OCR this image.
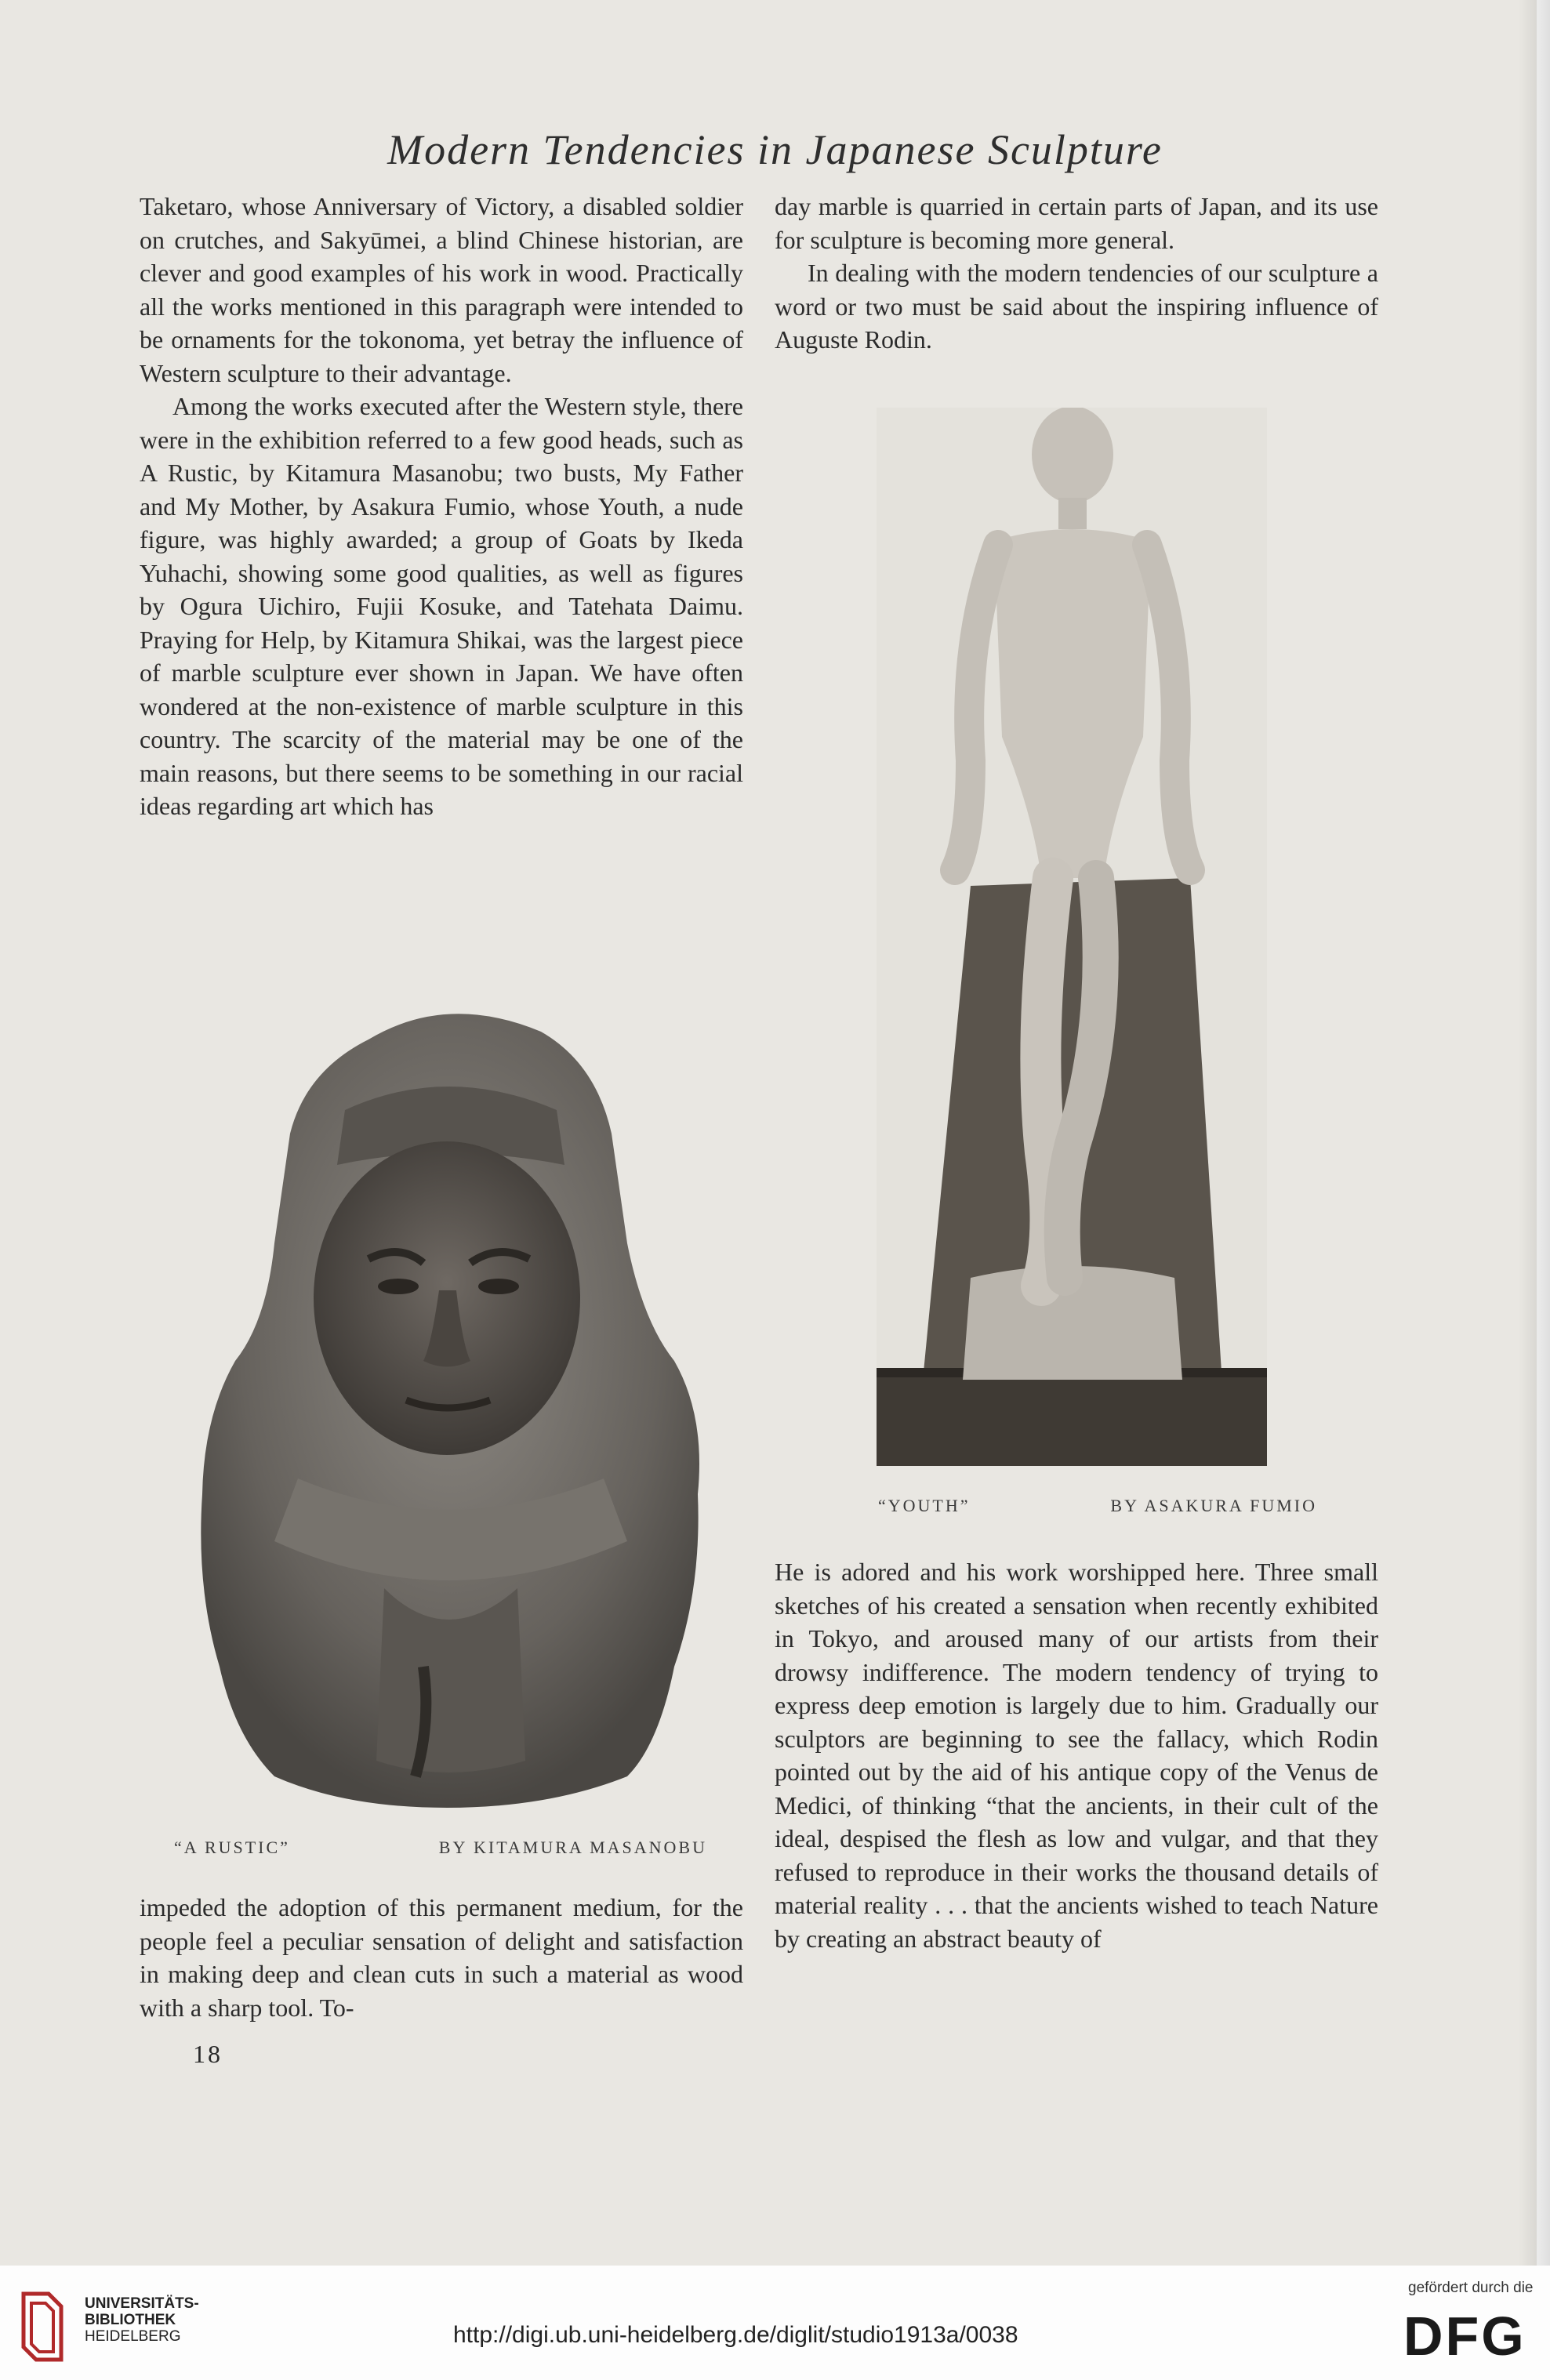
Modern Tendencies in Japanese Sculpture

Taketaro, whose Anniversary of Victory, a disabled soldier on crutches, and Sakyūmei, a blind Chinese historian, are clever and good examples of his work in wood. Practically all the works mentioned in this paragraph were intended to be ornaments for the tokonoma, yet betray the influence of Western sculpture to their advantage.

Among the works executed after the Western style, there were in the exhibition referred to a few good heads, such as A Rustic, by Kitamura Masanobu; two busts, My Father and My Mother, by Asakura Fumio, whose Youth, a nude figure, was highly awarded; a group of Goats by Ikeda Yuhachi, showing some good qualities, as well as figures by Ogura Uichiro, Fujii Kosuke, and Tatehata Daimu. Praying for Help, by Kitamura Shikai, was the largest piece of marble sculpture ever shown in Japan. We have often wondered at the non-existence of marble sculpture in this country. The scarcity of the material may be one of the main reasons, but there seems to be something in our racial ideas regarding art which has

day marble is quarried in certain parts of Japan, and its use for sculpture is becoming more general.

In dealing with the modern tendencies of our sculpture a word or two must be said about the inspiring influence of Auguste Rodin.

“A RUSTIC”	BY KITAMURA MASANOBU
“YOUTH”	BY ASAKURA FUMIO

He is adored and his work worshipped here. Three small sketches of his created a sensation when recently exhibited in Tokyo, and aroused many of our artists from their drowsy indifference. The modern tendency of trying to express deep emotion is largely due to him. Gradually our sculptors are beginning to see the fallacy, which Rodin pointed out by the aid of his antique copy of the Venus de Medici, of thinking “that the ancients, in their cult of the ideal, despised the flesh as low and vulgar, and that they refused to reproduce in their works the thousand details of material reality . . . that the ancients wished to teach Nature by creating an abstract beauty of

impeded the adoption of this permanent medium, for the people feel a peculiar sensation of delight and satisfaction in making deep and clean cuts in such a material as wood with a sharp tool. To-

18
UNIVERSITÄTS-
BIBLIOTHEK
HEIDELBERG	http://digi.ub.uni-heidelberg.de/diglit/studio1913a/0038
gefördert durch die
DFG
